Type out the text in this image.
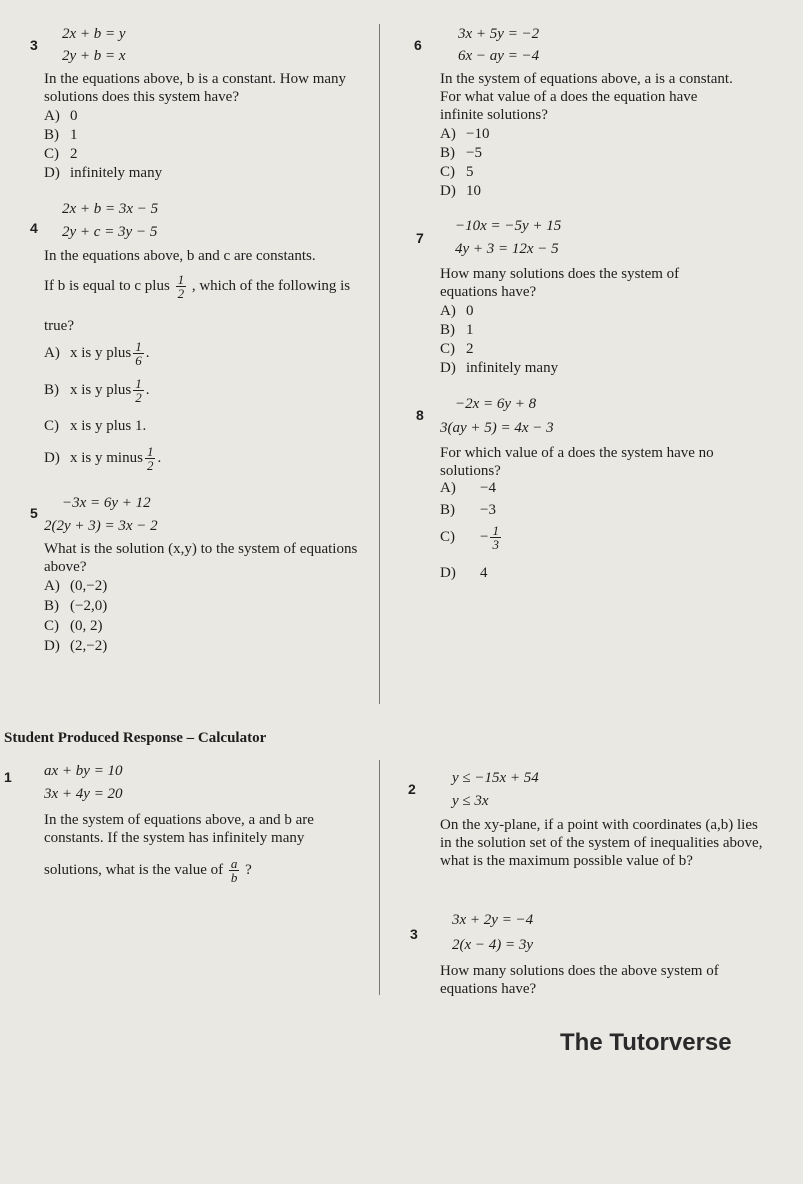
3
2x + b = y
2y + b = x
In the equations above, b is a constant. How many solutions does this system have?
A) 0
B) 1
C) 2
D) infinitely many
4
2x + b = 3x − 5
2y + c = 3y − 5
In the equations above, b and c are constants.
If b is equal to c plus $\frac{1}{2}$ , which of the following is true?
A) x is y plus $\frac{1}{6}$ .
B) x is y plus $\frac{1}{2}$ .
C) x is y plus 1.
D) x is y minus $\frac{1}{2}$ .
5
−3x = 6y + 12
2(2y + 3) = 3x − 2
What is the solution (x,y) to the system of equations above?
A) (0,−2)
B) (−2,0)
C) (0, 2)
D) (2,−2)
6
3x + 5y = −2
6x − ay = −4
In the system of equations above, a is a constant. For what value of a does the equation have infinite solutions?
A) −10
B) −5
C) 5
D) 10
7
−10x = −5y + 15
4y + 3 = 12x − 5
How many solutions does the system of equations have?
A) 0
B) 1
C) 2
D) infinitely many
8
−2x = 6y + 8
3(ay + 5) = 4x − 3
For which value of a does the system have no solutions?
A) −4
B) −3
$C) - \frac{1}{3}$
D) 4
Student Produced Response – Calculator
1 ax + by = 10
3x + 4y = 20
In the system of equations above, a and b are constants. If the system has infinitely many
solutions, what is the value of $\frac{a}{b}$ ?
2
y ≤ −15x + 54
y ≤ 3x
On the xy-plane, if a point with coordinates (a,b) lies in the solution set of the system of inequalities above, what is the maximum possible value of b?
3
3x + 2y = −4
2(x − 4) = 3y
How many solutions does the above system of equations have?
The Tutorverse
